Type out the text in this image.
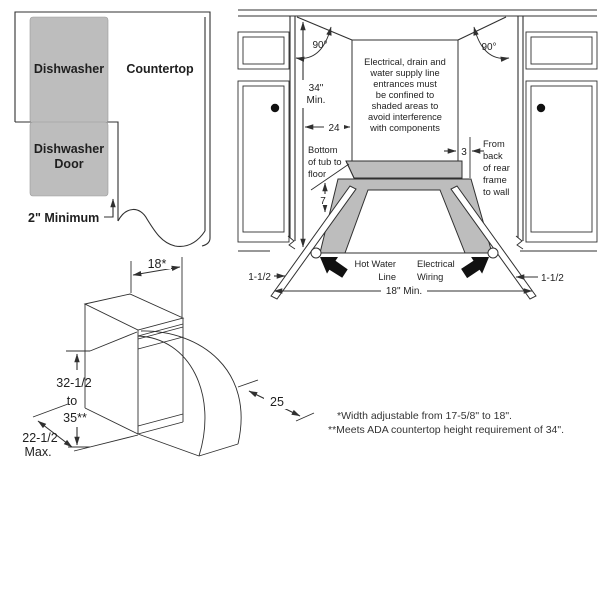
Dishwasher Countertop
Dishwasher
Door
2" Minimum
Electrical, drain and
water supply line
entrances must
be confined to
shaded areas to
avoid interference
with components
34"
Min.
90°	90°
24
Bottom
of tub to
floor
7
3
From
back
of rear
frame
to wall
Hot Water
Line
Electrical
Wiring
1-1/2	1-1/2
18" Min.
18*
32-1/2
to
35**
22-1/2
Max.
25
*Width adjustable from 17-5/8" to 18".
**Meets ADA countertop height requirement of 34".
